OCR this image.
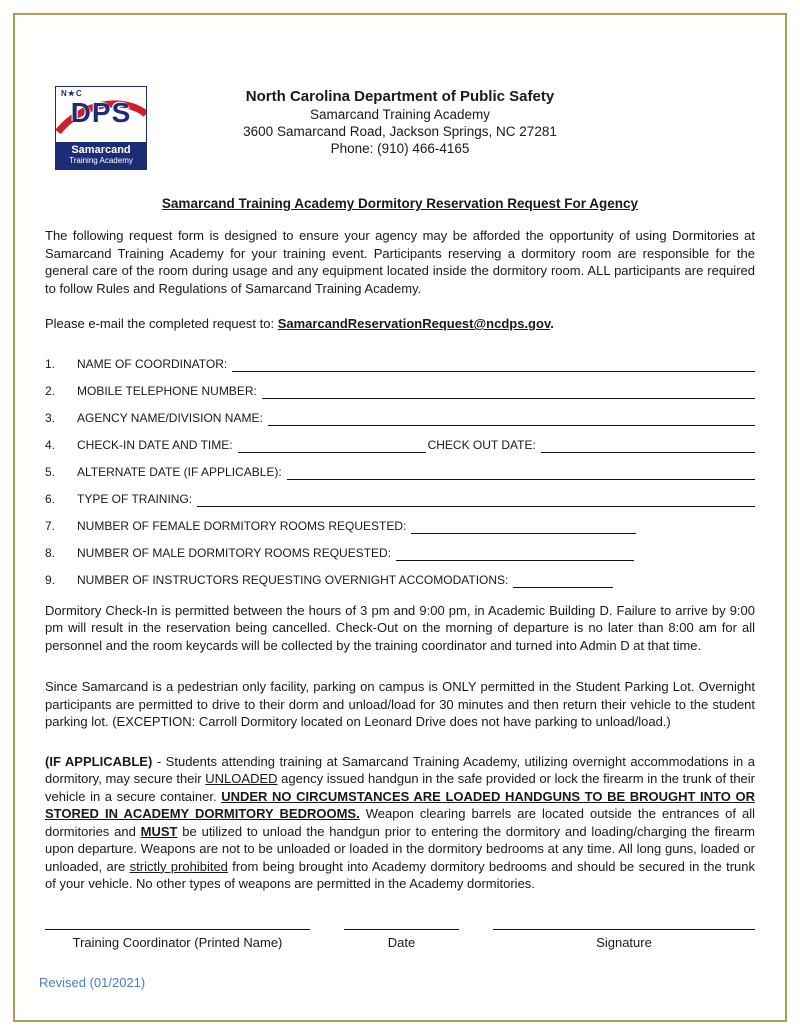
N★C
DPS
Samarcand
Training Academy
North Carolina Department of Public Safety
Samarcand Training Academy
3600 Samarcand Road, Jackson Springs, NC 27281
Phone: (910) 466-4165
Samarcand Training Academy Dormitory Reservation Request For Agency

The following request form is designed to ensure your agency may be afforded the opportunity of using Dormitories at Samarcand Training Academy for your training event. Participants reserving a dormitory room are responsible for the general care of the room during usage and any equipment located inside the dormitory room. ALL participants are required to follow Rules and Regulations of Samarcand Training Academy.

Please e-mail the completed request to: SamarcandReservationRequest@ncdps.gov.

1.	NAME OF COORDINATOR:
2.	MOBILE TELEPHONE NUMBER:
3.	AGENCY NAME/DIVISION NAME:
4.	CHECK-IN DATE AND TIME:	CHECK OUT DATE:
5.	ALTERNATE DATE (IF APPLICABLE):
6.	TYPE OF TRAINING:
7.	NUMBER OF FEMALE DORMITORY ROOMS REQUESTED:
8.	NUMBER OF MALE DORMITORY ROOMS REQUESTED:
9.	NUMBER OF INSTRUCTORS REQUESTING OVERNIGHT ACCOMODATIONS:

Dormitory Check-In is permitted between the hours of 3 pm and 9:00 pm, in Academic Building D. Failure to arrive by 9:00 pm will result in the reservation being cancelled. Check-Out on the morning of departure is no later than 8:00 am for all personnel and the room keycards will be collected by the training coordinator and turned into Admin D at that time.

Since Samarcand is a pedestrian only facility, parking on campus is ONLY permitted in the Student Parking Lot. Overnight participants are permitted to drive to their dorm and unload/load for 30 minutes and then return their vehicle to the student parking lot. (EXCEPTION: Carroll Dormitory located on Leonard Drive does not have parking to unload/load.)

(IF APPLICABLE) - Students attending training at Samarcand Training Academy, utilizing overnight accommodations in a dormitory, may secure their UNLOADED agency issued handgun in the safe provided or lock the firearm in the trunk of their vehicle in a secure container. UNDER NO CIRCUMSTANCES ARE LOADED HANDGUNS TO BE BROUGHT INTO OR STORED IN ACADEMY DORMITORY BEDROOMS. Weapon clearing barrels are located outside the entrances of all dormitories and MUST be utilized to unload the handgun prior to entering the dormitory and loading/charging the firearm upon departure. Weapons are not to be unloaded or loaded in the dormitory bedrooms at any time. All long guns, loaded or unloaded, are strictly prohibited from being brought into Academy dormitory bedrooms and should be secured in the trunk of your vehicle. No other types of weapons are permitted in the Academy dormitories.

Training Coordinator (Printed Name)	Date	Signature
Revised (01/2021)
